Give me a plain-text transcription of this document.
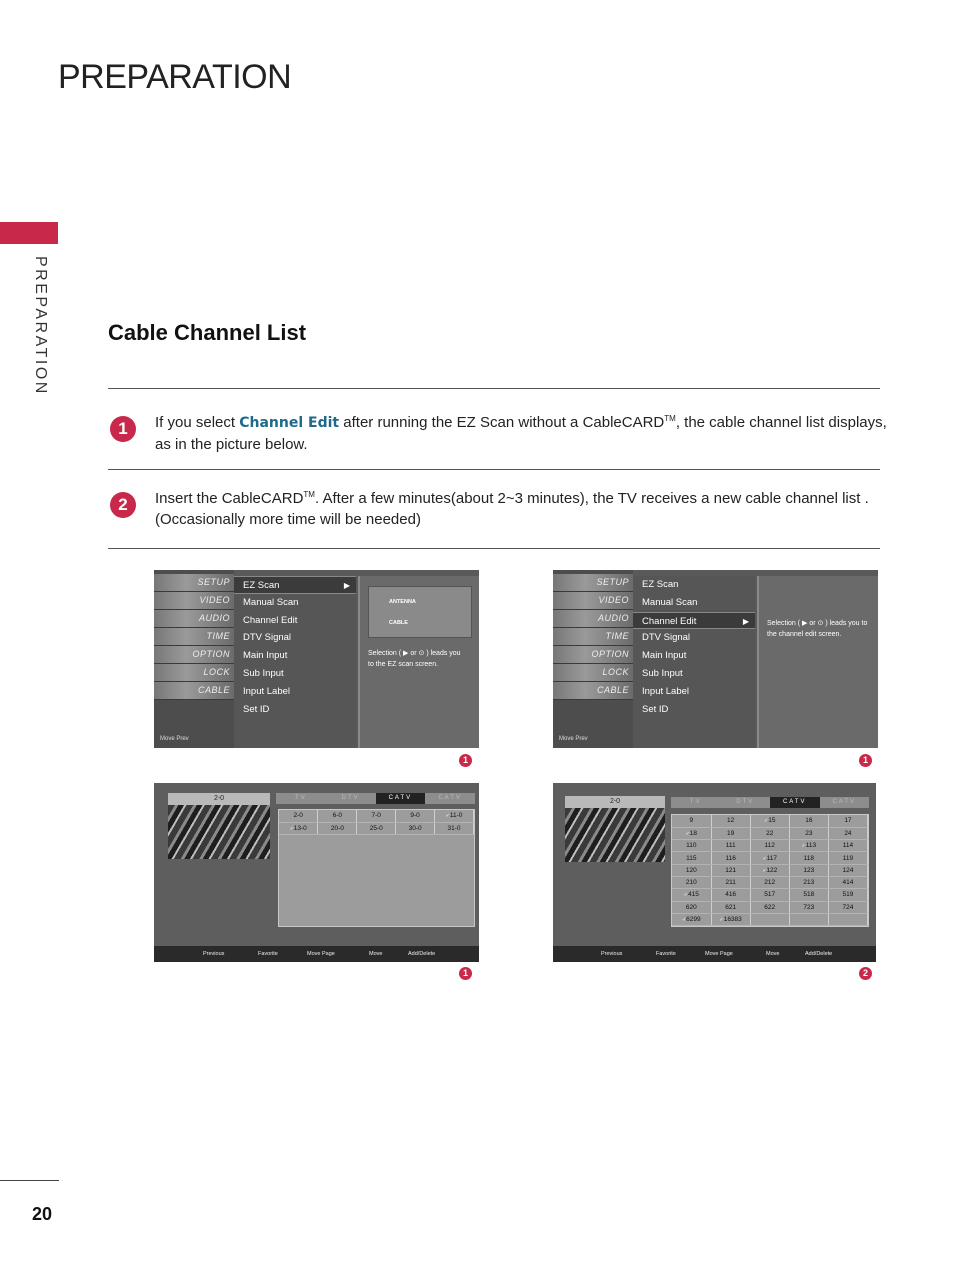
PREPARATION
PREPARATION	Cable Channel List
1	If you select Channel Edit after running the EZ Scan without a CableCARD™, the cable channel list displays, as in the picture below.
2	Insert the CableCARD™. After a few minutes(about 2~3 minutes), the TV receives a new cable channel list . (Occasionally more time will be needed)
SETUP
VIDEO
AUDIO
TIME
OPTION
LOCK
CABLE
Move Prev
EZ Scan	▶
Manual Scan
Channel Edit
DTV Signal
Main Input
Sub Input
Input Label
Set ID
ANTENNA
CABLE
Selection ( ▶ or ⊙ ) leads you to the EZ scan screen.
SETUP
VIDEO
AUDIO
TIME
OPTION
LOCK
CABLE
Move Prev
EZ Scan
Manual Scan
Channel Edit	▶
DTV Signal
Main Input
Sub Input
Input Label
Set ID
Selection ( ▶ or ⊙ ) leads you to the channel edit screen.
1	1
2-0	TV	DTV	CATV	CATV
2-0	6-0	7-0	9-0	✓ 11-0
✓ 13-0	20-0	25-0	30-0	31-0
Previous	Favorite	Move Page	Move	Add/Delete
2-0	TV	DTV	CATV	CATV
9	12	✓ 15	16	17
✓ 18	19	22	23	24
110	111	112	✓ 113	114
115	116	✓ 117	118	119
120	121	✓ 122	123	124
210	211	212	213	414
✓ 415	416	517	518	519
620	621	622	723	724
✓ 6299	✓ 16383			
Previous	Favorite	Move Page	Move	Add/Delete
1	2
20
